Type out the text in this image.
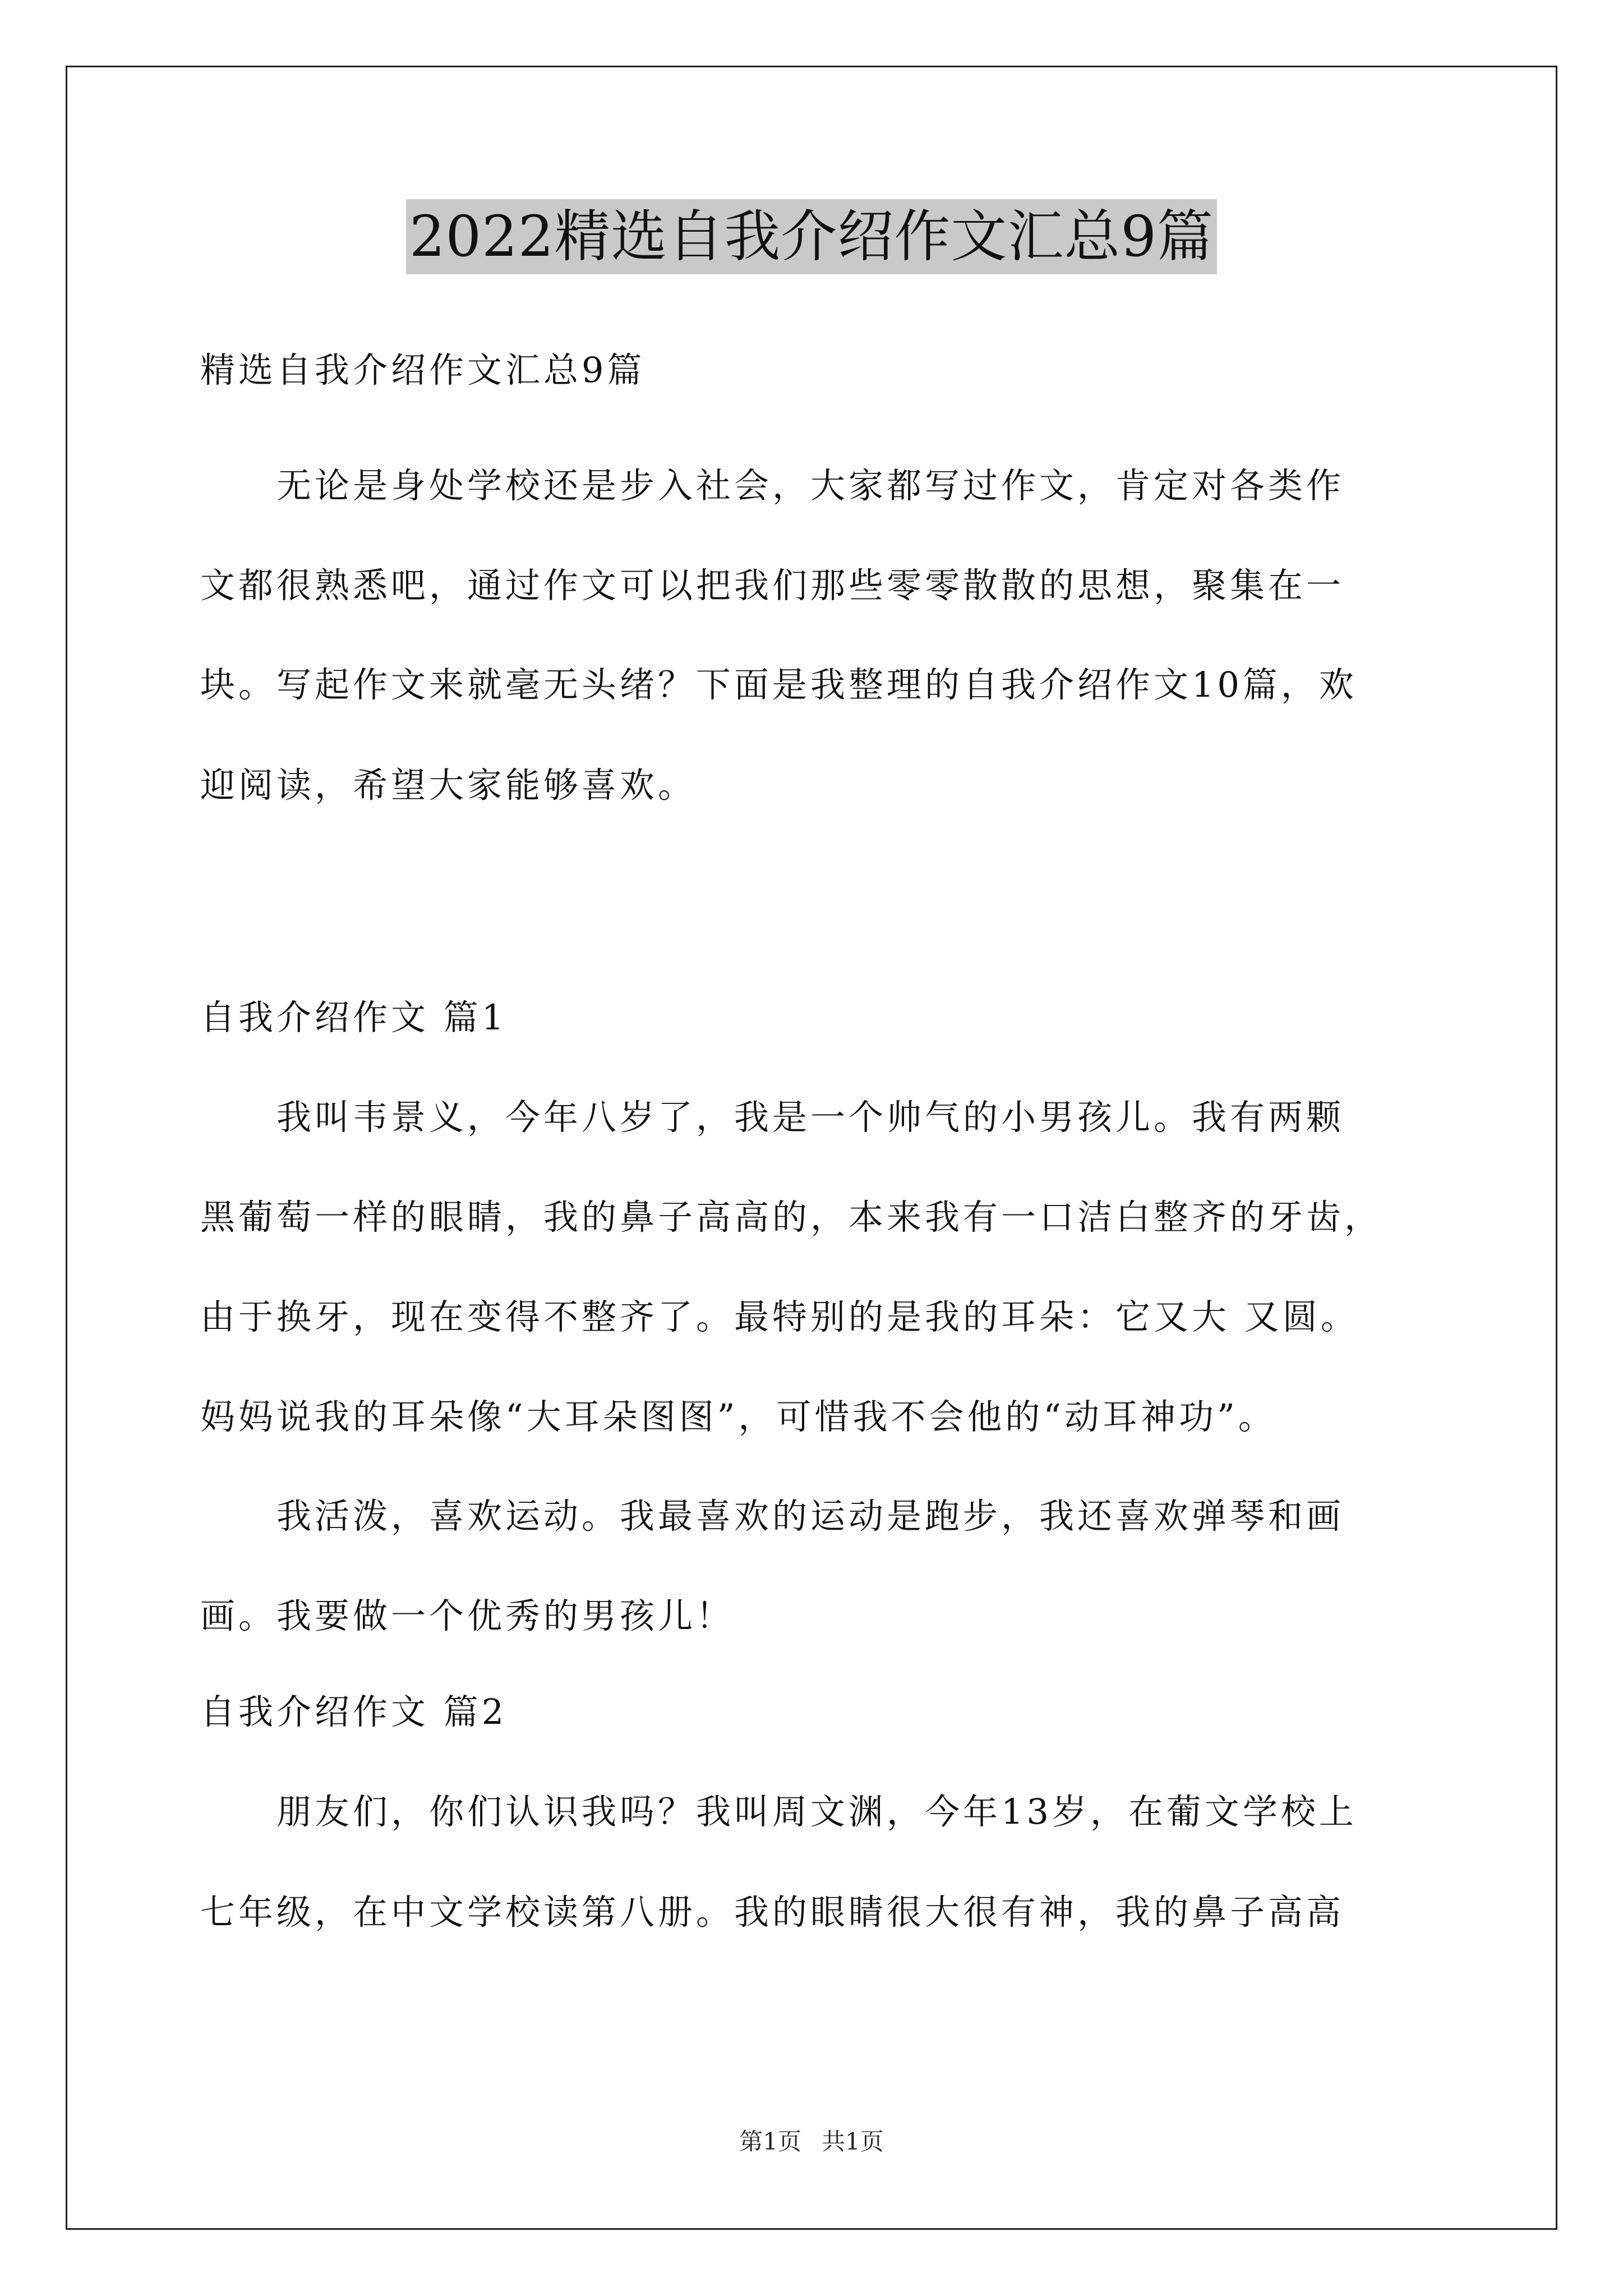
2022精选自我介绍作文汇总9篇
精选自我介绍作文汇总9篇
　　无论是身处学校还是步入社会，大家都写过作文，肯定对各类作
文都很熟悉吧，通过作文可以把我们那些零零散散的思想，聚集在一
块。写起作文来就毫无头绪？下面是我整理的自我介绍作文10篇，欢
迎阅读，希望大家能够喜欢。
自我介绍作文 篇1
　　我叫韦景义，今年八岁了，我是一个帅气的小男孩儿。我有两颗
黑葡萄一样的眼睛，我的鼻子高高的，本来我有一口洁白整齐的牙齿，
由于换牙，现在变得不整齐了。最特别的是我的耳朵：它又大 又圆。
妈妈说我的耳朵像“大耳朵图图”，可惜我不会他的“动耳神功”。
　　我活泼，喜欢运动。我最喜欢的运动是跑步，我还喜欢弹琴和画
画。我要做一个优秀的男孩儿！
自我介绍作文 篇2
　　朋友们，你们认识我吗？我叫周文渊，今年13岁，在葡文学校上
七年级，在中文学校读第八册。我的眼睛很大很有神，我的鼻子高高
第1页 共1页
